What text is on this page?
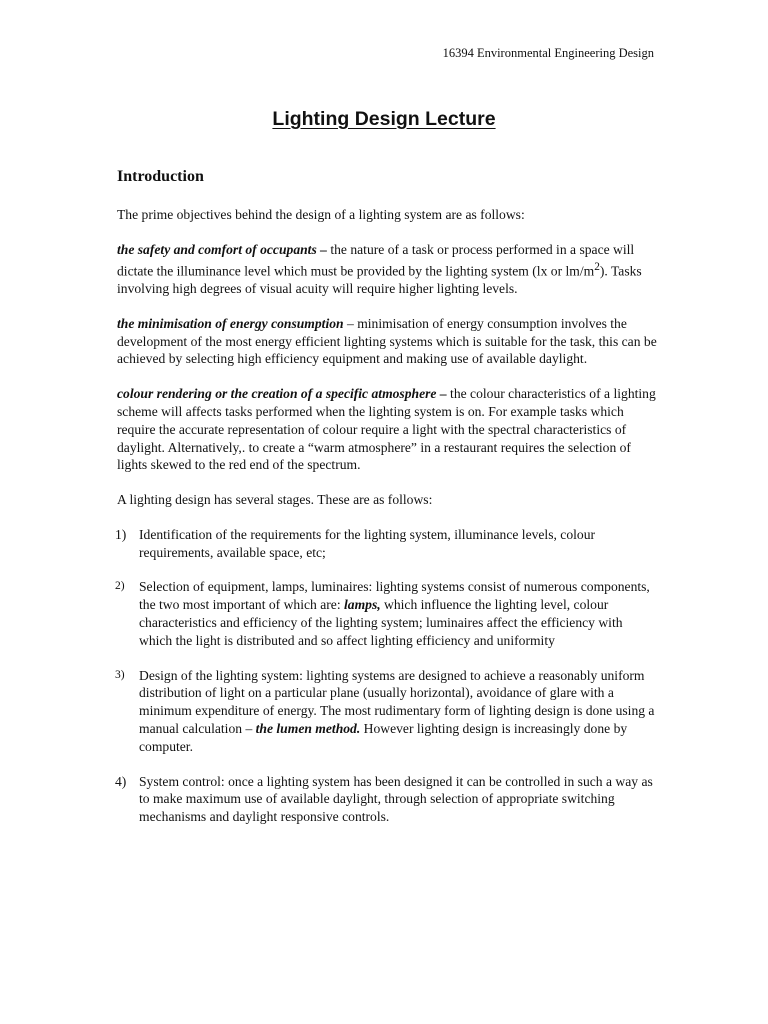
16394 Environmental Engineering Design
Lighting Design Lecture
Introduction

The prime objectives behind the design of a lighting system are as follows:

the safety and comfort of occupants – the nature of a task or process performed in a space will dictate the illuminance level which must be provided by the lighting system (lx or $lm/m^2$). Tasks involving high degrees of visual acuity will require higher lighting levels.

the minimisation of energy consumption – minimisation of energy consumption involves the development of the most energy efficient lighting systems which is suitable for the task, this can be achieved by selecting high efficiency equipment and making use of available daylight.

colour rendering or the creation of a specific atmosphere – the colour characteristics of a lighting scheme will affects tasks performed when the lighting system is on. For example tasks which require the accurate representation of colour require a light with the spectral characteristics of daylight. Alternatively,. to create a “warm atmosphere” in a restaurant requires the selection of lights skewed to the red end of the spectrum.

A lighting design has several stages. These are as follows:

1) Identification of the requirements for the lighting system, illuminance levels, colour requirements, available space, etc;
2) Selection of equipment, lamps, luminaires: lighting systems consist of numerous components, the two most important of which are: lamps, which influence the lighting level, colour characteristics and efficiency of the lighting system; luminaires affect the efficiency with which the light is distributed and so affect lighting efficiency and uniformity
3) Design of the lighting system: lighting systems are designed to achieve a reasonably uniform distribution of light on a particular plane (usually horizontal), avoidance of glare with a minimum expenditure of energy. The most rudimentary form of lighting design is done using a manual calculation – the lumen method. However lighting design is increasingly done by computer.
4) System control: once a lighting system has been designed it can be controlled in such a way as to make maximum use of available daylight, through selection of appropriate switching mechanisms and daylight responsive controls.
